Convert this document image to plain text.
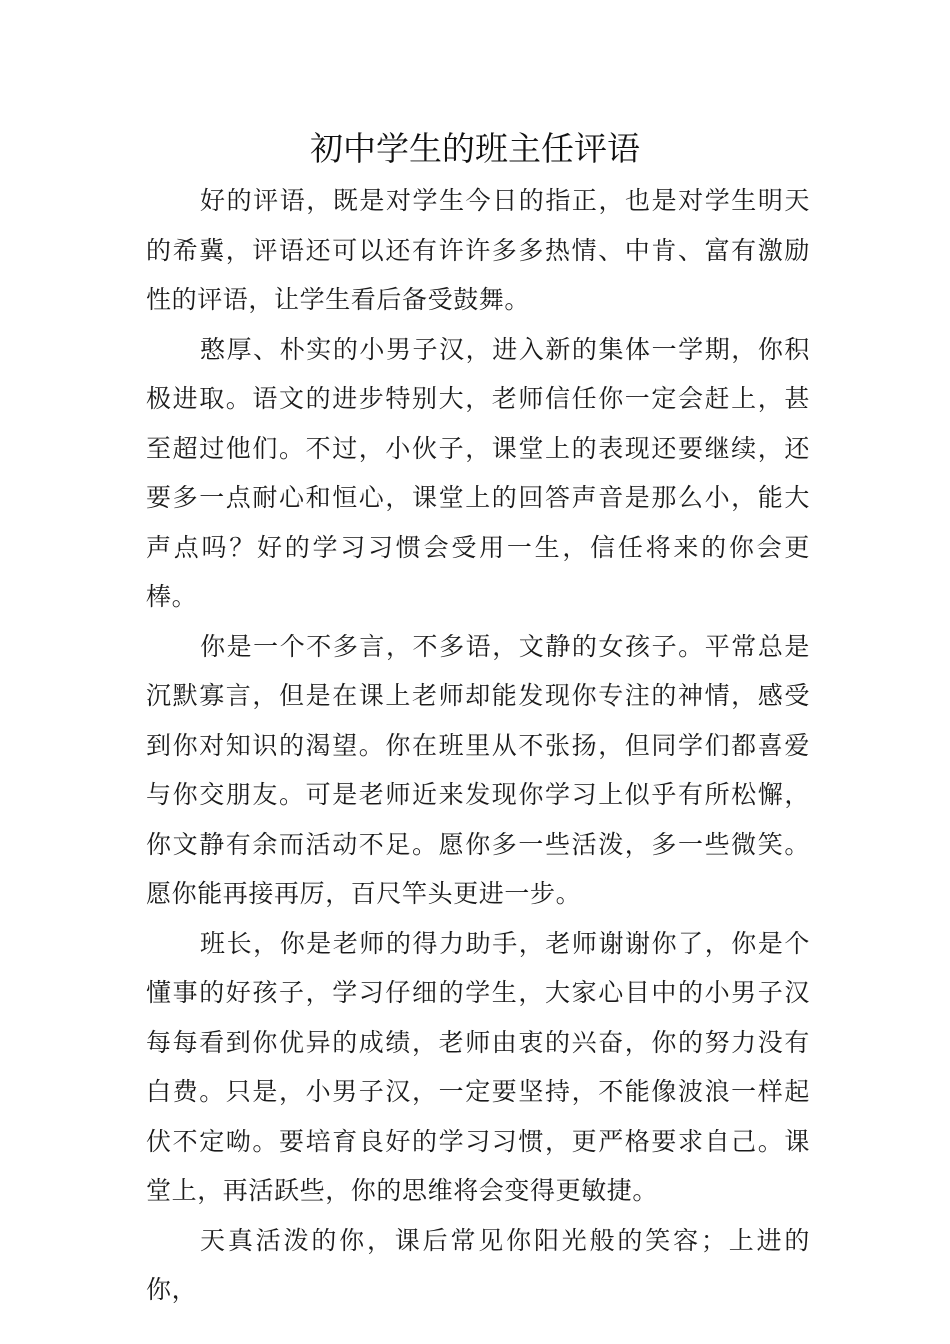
初中学生的班主任评语

好的评语，既是对学生今日的指正，也是对学生明天的希冀，评语还可以还有许许多多热情、中肯、富有激励性的评语，让学生看后备受鼓舞。

憨厚、朴实的小男子汉，进入新的集体一学期，你积极进取。语文的进步特别大，老师信任你一定会赶上，甚至超过他们。不过，小伙子，课堂上的表现还要继续，还要多一点耐心和恒心，课堂上的回答声音是那么小，能大声点吗？好的学习习惯会受用一生，信任将来的你会更棒。

你是一个不多言，不多语，文静的女孩子。平常总是沉默寡言，但是在课上老师却能发现你专注的神情，感受到你对知识的渴望。你在班里从不张扬，但同学们都喜爱与你交朋友。可是老师近来发现你学习上似乎有所松懈，你文静有余而活动不足。愿你多一些活泼，多一些微笑。愿你能再接再厉，百尺竿头更进一步。

班长，你是老师的得力助手，老师谢谢你了，你是个懂事的好孩子，学习仔细的学生，大家心目中的小男子汉每每看到你优异的成绩，老师由衷的兴奋，你的努力没有白费。只是，小男子汉，一定要坚持，不能像波浪一样起伏不定呦。要培育良好的学习习惯，更严格要求自己。课堂上，再活跃些，你的思维将会变得更敏捷。

天真活泼的你，课后常见你阳光般的笑容；上进的你，
